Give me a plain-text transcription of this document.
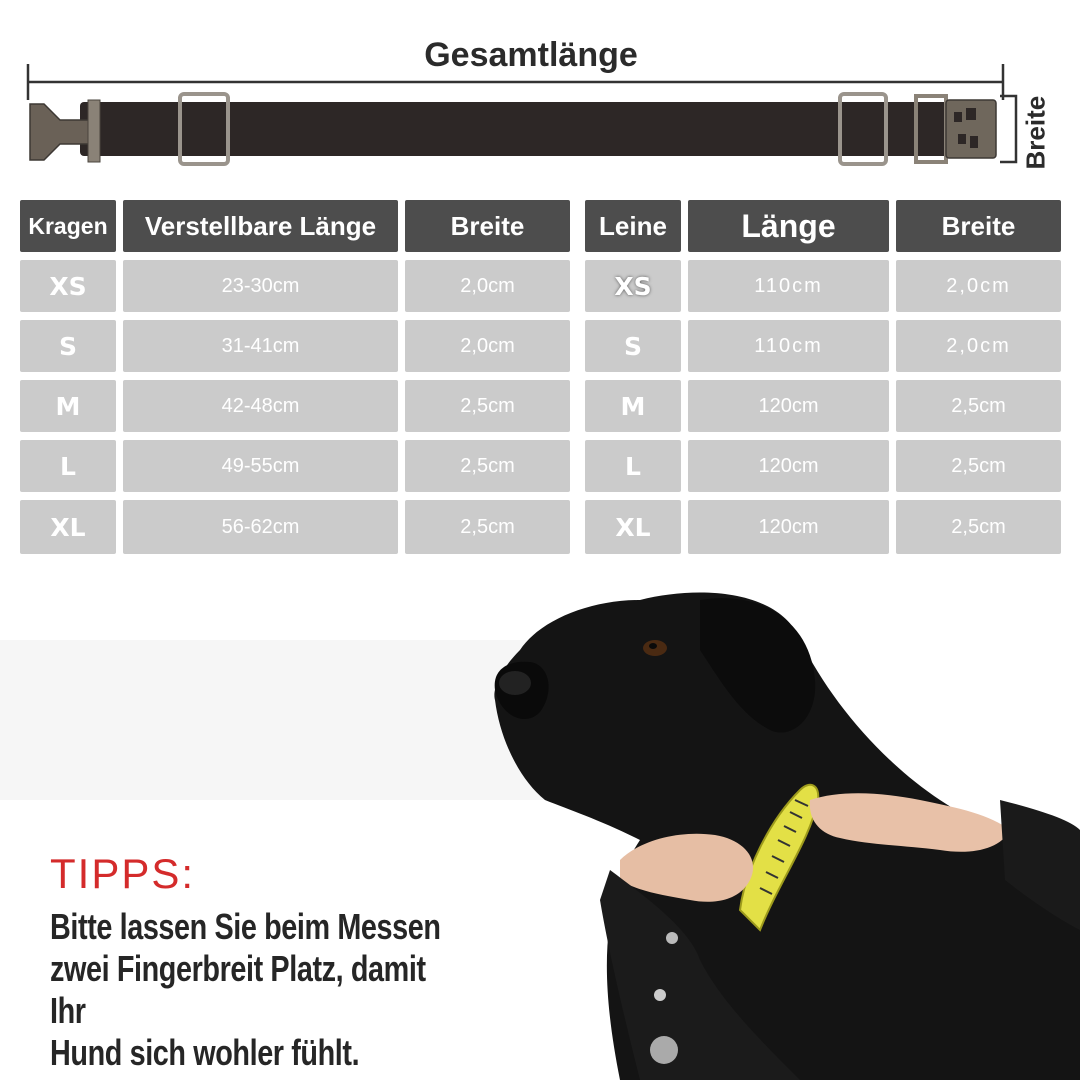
Gesamtlänge
Breite
Kragen	Verstellbare Länge	Breite
XS	23-30cm	2,0cm
S	31-41cm	2,0cm
M	42-48cm	2,5cm
L	49-55cm	2,5cm
XL	56-62cm	2,5cm
Leine	Länge	Breite
XS	110cm	2,0cm
S	110cm	2,0cm
M	120cm	2,5cm
L	120cm	2,5cm
XL	120cm	2,5cm
TIPPS:
Bitte lassen Sie beim Messen
zwei Fingerbreit Platz, damit Ihr
Hund sich wohler fühlt.
